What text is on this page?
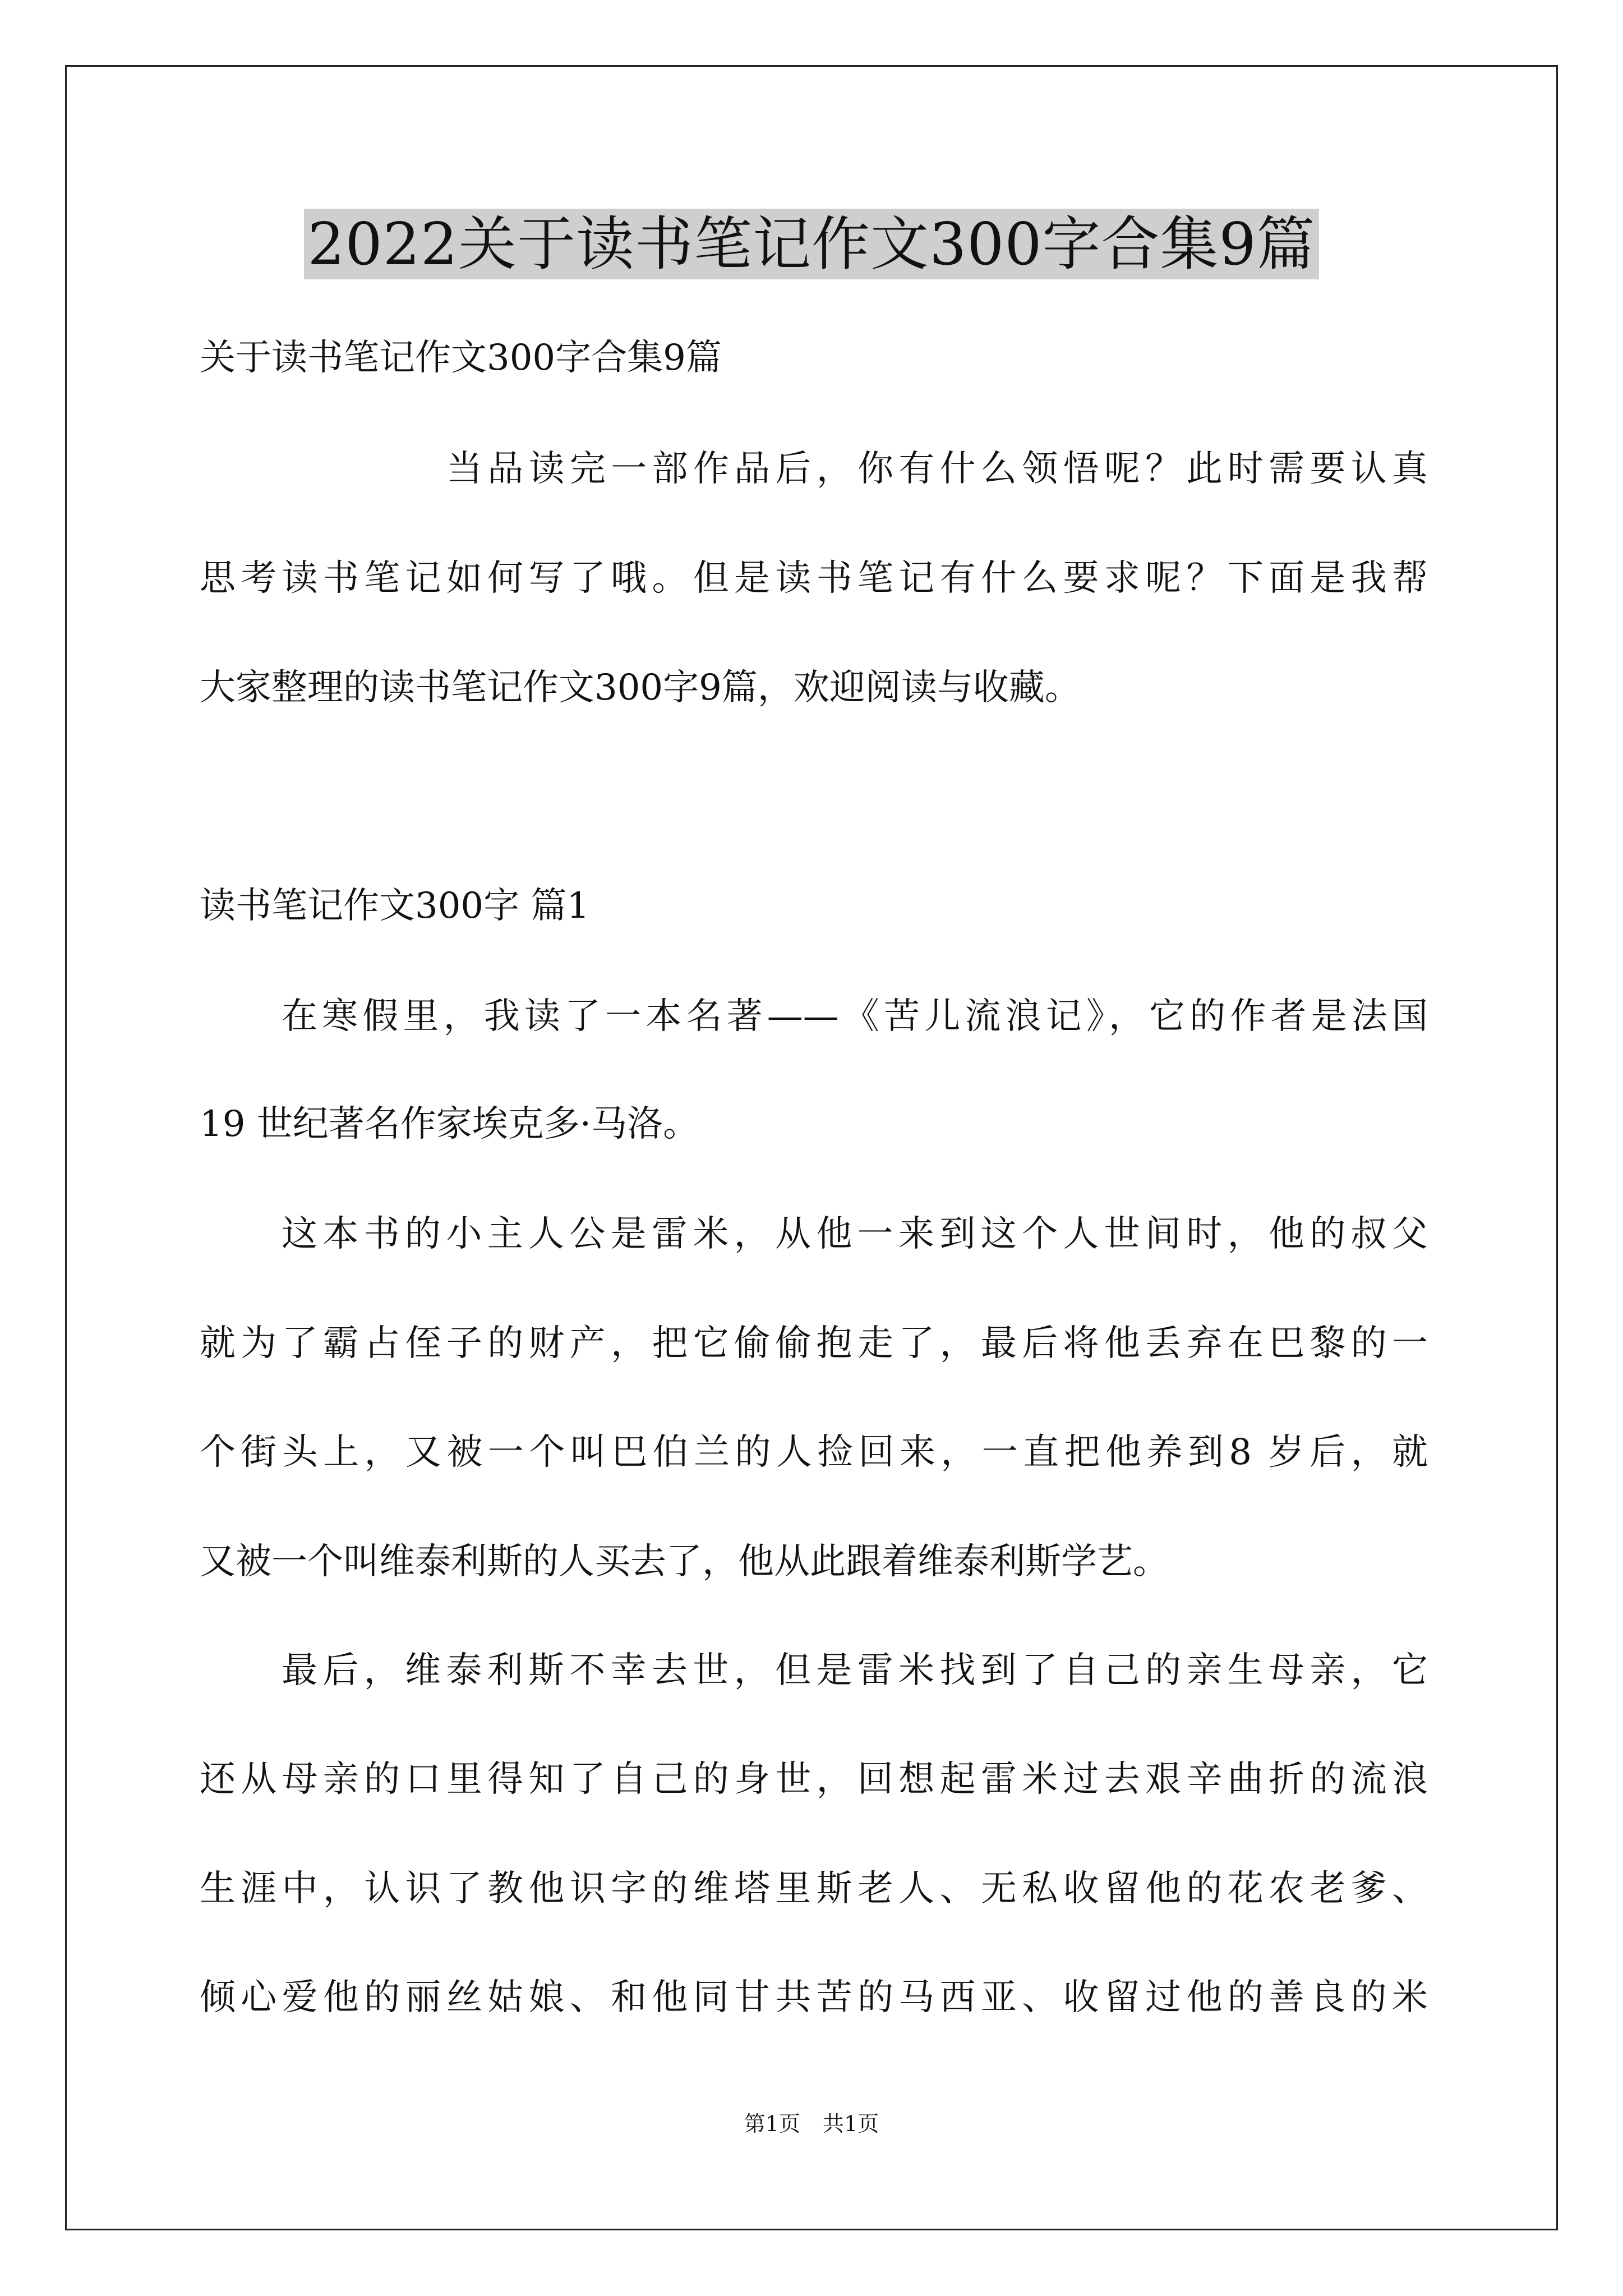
2022关于读书笔记作文300字合集9篇
关于读书笔记作文300字合集9篇
当品读完一部作品后，你有什么领悟呢？此时需要认真
思考读书笔记如何写了哦。但是读书笔记有什么要求呢？下面是我帮
大家整理的读书笔记作文300字9篇，欢迎阅读与收藏。
读书笔记作文300字 篇1
在寒假里，我读了一本名著——《苦儿流浪记》，它的作者是法国
19 世纪著名作家埃克多·马洛。
这本书的小主人公是雷米，从他一来到这个人世间时，他的叔父
就为了霸占侄子的财产，把它偷偷抱走了，最后将他丢弃在巴黎的一
个街头上，又被一个叫巴伯兰的人捡回来，一直把他养到8 岁后，就
又被一个叫维泰利斯的人买去了，他从此跟着维泰利斯学艺。
最后，维泰利斯不幸去世，但是雷米找到了自己的亲生母亲，它
还从母亲的口里得知了自己的身世，回想起雷米过去艰辛曲折的流浪
生涯中，认识了教他识字的维塔里斯老人、无私收留他的花农老爹、
倾心爱他的丽丝姑娘、和他同甘共苦的马西亚、收留过他的善良的米
第1页 共1页
